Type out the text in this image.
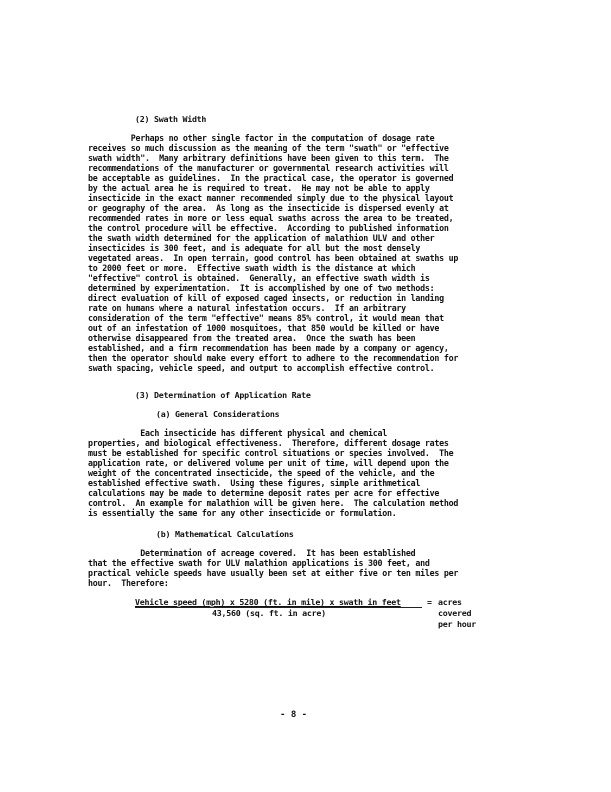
(2) Swath Width
Perhaps no other single factor in the computation of dosage rate
receives so much discussion as the meaning of the term "swath" or "effective
swath width".  Many arbitrary definitions have been given to this term.  The
recommendations of the manufacturer or governmental research activities will
be acceptable as guidelines.  In the practical case, the operator is governed
by the actual area he is required to treat.  He may not be able to apply
insecticide in the exact manner recommended simply due to the physical layout
or geography of the area.  As long as the insecticide is dispersed evenly at
recommended rates in more or less equal swaths across the area to be treated,
the control procedure will be effective.  According to published information
the swath width determined for the application of malathion ULV and other
insecticides is 300 feet, and is adequate for all but the most densely
vegetated areas.  In open terrain, good control has been obtained at swaths up
to 2000 feet or more.  Effective swath width is the distance at which
"effective" control is obtained.  Generally, an effective swath width is
determined by experimentation.  It is accomplished by one of two methods:
direct evaluation of kill of exposed caged insects, or reduction in landing
rate on humans where a natural infestation occurs.  If an arbitrary
consideration of the term "effective" means 85% control, it would mean that
out of an infestation of 1000 mosquitoes, that 850 would be killed or have
otherwise disappeared from the treated area.  Once the swath has been
established, and a firm recommendation has been made by a company or agency,
then the operator should make every effort to adhere to the recommendation for
swath spacing, vehicle speed, and output to accomplish effective control.
(3) Determination of Application Rate
(a) General Considerations
Each insecticide has different physical and chemical
properties, and biological effectiveness.  Therefore, different dosage rates
must be established for specific control situations or species involved.  The
application rate, or delivered volume per unit of time, will depend upon the
weight of the concentrated insecticide, the speed of the vehicle, and the
established effective swath.  Using these figures, simple arithmetical
calculations may be made to determine deposit rates per acre for effective
control.  An example for malathion will be given here.  The calculation method
is essentially the same for any other insecticide or formulation.
(b) Mathematical Calculations
Determination of acreage covered.  It has been established
that the effective swath for ULV malathion applications is 300 feet, and
practical vehicle speeds have usually been set at either five or ten miles per
hour.  Therefore:
Vehicle speed (mph) x 5280 (ft. in mile) x swath in feet
43,560 (sq. ft. in acre)
= acres
covered
per hour
- 8 -
